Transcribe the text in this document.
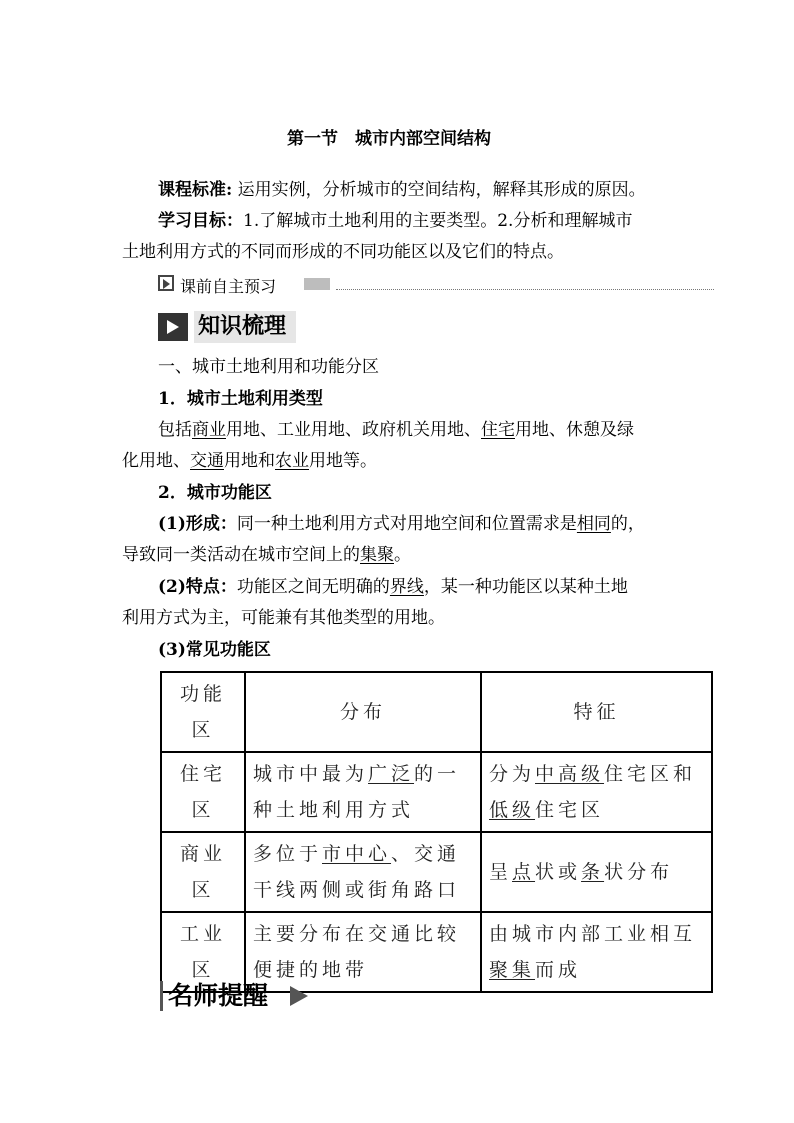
第一节　城市内部空间结构
课程标准: 运用实例，分析城市的空间结构，解释其形成的原因。
学习目标：1.了解城市土地利用的主要类型。2.分析和理解城市
土地利用方式的不同而形成的不同功能区以及它们的特点。
课前自主预习
知识梳理
一、城市土地利用和功能分区
1．城市土地利用类型
包括商业用地、工业用地、政府机关用地、住宅用地、休憩及绿
化用地、交通用地和农业用地等。
2．城市功能区
(1)形成：同一种土地利用方式对用地空间和位置需求是相同的，
导致同一类活动在城市空间上的集聚。
(2)特点：功能区之间无明确的界线，某一种功能区以某种土地
利用方式为主，可能兼有其他类型的用地。
(3)常见功能区
功能区	分布	特征
住宅区	城市中最为广泛的一种土地利用方式	分为中高级住宅区和低级住宅区
商业区	多位于市中心、交通干线两侧或街角路口	呈点状或条状分布
工业区	主要分布在交通比较便捷的地带	由城市内部工业相互聚集而成
名师提醒
